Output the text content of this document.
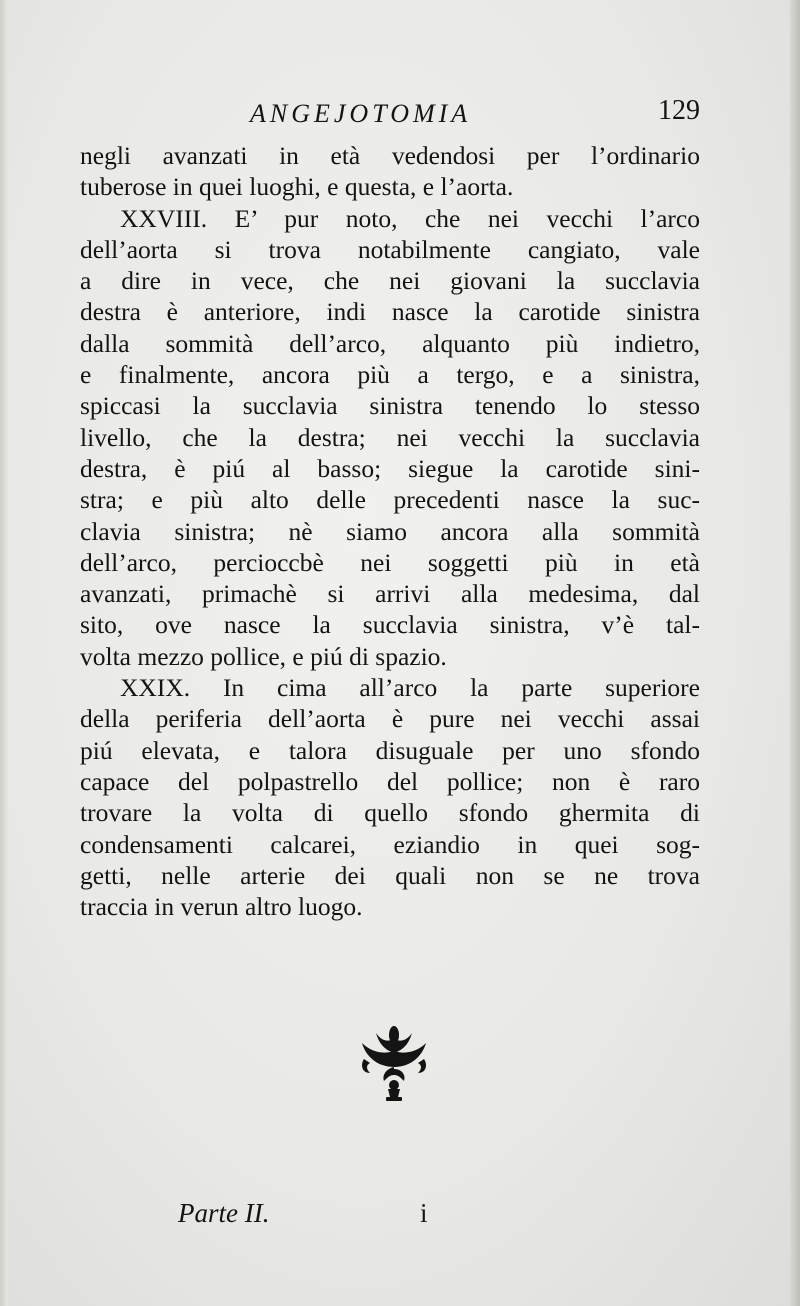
ANGEJOTOMIA	129
negli avanzati in età vedendosi per l’ordinario
tuberose in quei luoghi, e questa, e l’aorta.
XXVIII. E’ pur noto, che nei vecchi l’arco
dell’aorta si trova notabilmente cangiato, vale
a dire in vece, che nei giovani la succlavia
destra è anteriore, indi nasce la carotide sinistra
dalla sommità dell’arco, alquanto più indietro,
e finalmente, ancora più a tergo, e a sinistra,
spiccasi la succlavia sinistra tenendo lo stesso
livello, che la destra; nei vecchi la succlavia
destra, è piú al basso; siegue la carotide sini-
stra; e più alto delle precedenti nasce la suc-
clavia sinistra; nè siamo ancora alla sommità
dell’arco, percioccbè nei soggetti più in età
avanzati, primachè si arrivi alla medesima, dal
sito, ove nasce la succlavia sinistra, v’è tal-
volta mezzo pollice, e piú di spazio.
XXIX. In cima all’arco la parte superiore
della periferia dell’aorta è pure nei vecchi assai
piú elevata, e talora disuguale per uno sfondo
capace del polpastrello del pollice; non è raro
trovare la volta di quello sfondo ghermita di
condensamenti calcarei, eziandio in quei sog-
getti, nelle arterie dei quali non se ne trova
traccia in verun altro luogo.
Parte II.	i
